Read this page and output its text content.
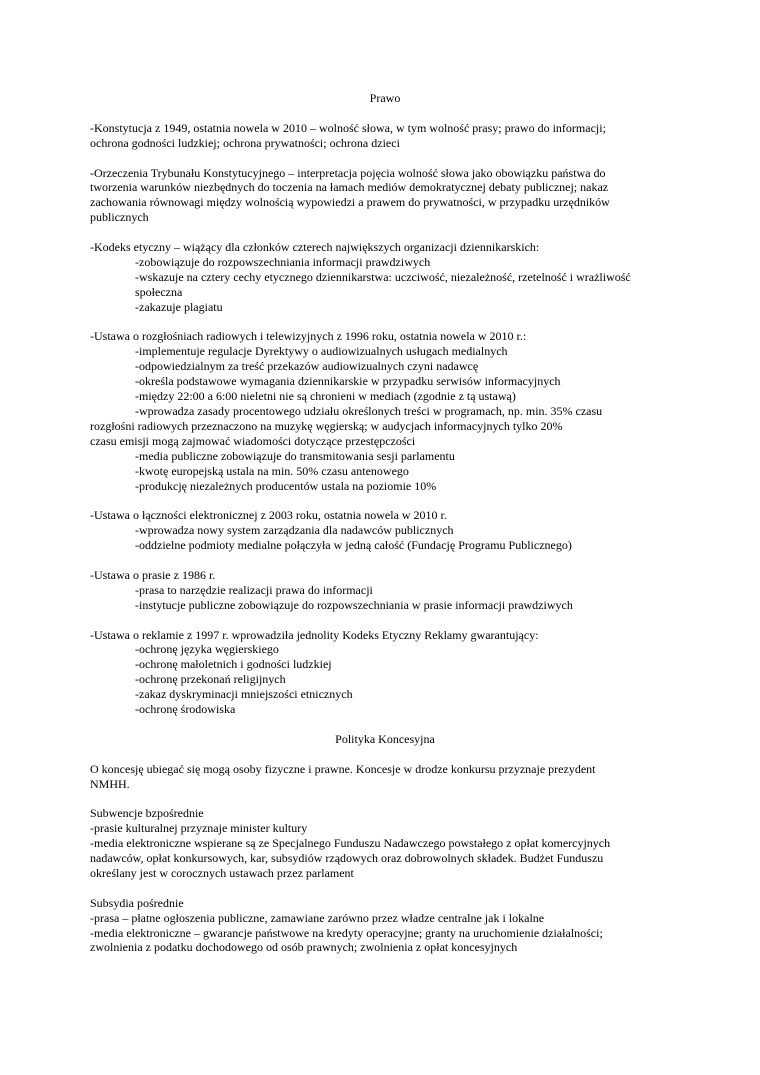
Prawo

-Konstytucja z 1949, ostatnia nowela w 2010 – wolność słowa, w tym wolność prasy; prawo do informacji;

ochrona godności ludzkiej; ochrona prywatności; ochrona dzieci

-Orzeczenia Trybunału Konstytucyjnego – interpretacja pojęcia wolność słowa jako obowiązku państwa do

tworzenia warunków niezbędnych do toczenia na łamach mediów demokratycznej debaty publicznej; nakaz

zachowania równowagi między wolnością wypowiedzi a prawem do prywatności, w przypadku urzędników

publicznych

-Kodeks etyczny – wiążący dla członków czterech największych organizacji dziennikarskich:

-zobowiązuje do rozpowszechniania informacji prawdziwych

-wskazuje na cztery cechy etycznego dziennikarstwa: uczciwość, niezależność, rzetelność i wrażliwość

społeczna

-zakazuje plagiatu

-Ustawa o rozgłośniach radiowych i telewizyjnych z 1996 roku, ostatnia nowela w 2010 r.:

-implementuje regulacje Dyrektywy o audiowizualnych usługach medialnych

-odpowiedzialnym za treść przekazów audiowizualnych czyni nadawcę

-określa podstawowe wymagania dziennikarskie w przypadku serwisów informacyjnych

-między 22:00 a 6:00 nieletni nie są chronieni w mediach (zgodnie z tą ustawą)

-wprowadza zasady procentowego udziału określonych treści w programach, np. min. 35% czasu

rozgłośni radiowych przeznaczono na muzykę węgierską; w audycjach informacyjnych tylko 20%

czasu emisji mogą zajmować wiadomości dotyczące przestępczości

-media publiczne zobowiązuje do transmitowania sesji parlamentu

-kwotę europejską ustala na min. 50% czasu antenowego

-produkcję niezależnych producentów ustala na poziomie 10%

-Ustawa o łączności elektronicznej z 2003 roku, ostatnia nowela w 2010 r.

-wprowadza nowy system zarządzania dla nadawców publicznych

-oddzielne podmioty medialne połączyła w jedną całość (Fundację Programu Publicznego)

-Ustawa o prasie z 1986 r.

-prasa to narzędzie realizacji prawa do informacji

-instytucje publiczne zobowiązuje do rozpowszechniania w prasie informacji prawdziwych

-Ustawa o reklamie z 1997 r. wprowadziła jednolity Kodeks Etyczny Reklamy gwarantujący:

-ochronę języka węgierskiego

-ochronę małoletnich i godności ludzkiej

-ochronę przekonań religijnych

-zakaz dyskryminacji mniejszości etnicznych

-ochronę środowiska

Polityka Koncesyjna

O koncesję ubiegać się mogą osoby fizyczne i prawne. Koncesje w drodze konkursu przyznaje prezydent

NMHH.

Subwencje bzpośrednie

-prasie kulturalnej przyznaje minister kultury

-media elektroniczne wspierane są ze Specjalnego Funduszu Nadawczego powstałego z opłat komercyjnych

nadawców, opłat konkursowych, kar, subsydiów rządowych oraz dobrowolnych składek. Budżet Funduszu

określany jest w corocznych ustawach przez parlament

Subsydia pośrednie

-prasa – płatne ogłoszenia publiczne, zamawiane zarówno przez władze centralne jak i lokalne

-media elektroniczne – gwarancje państwowe na kredyty operacyjne; granty na uruchomienie działalności;

zwolnienia z podatku dochodowego od osób prawnych; zwolnienia z opłat koncesyjnych
